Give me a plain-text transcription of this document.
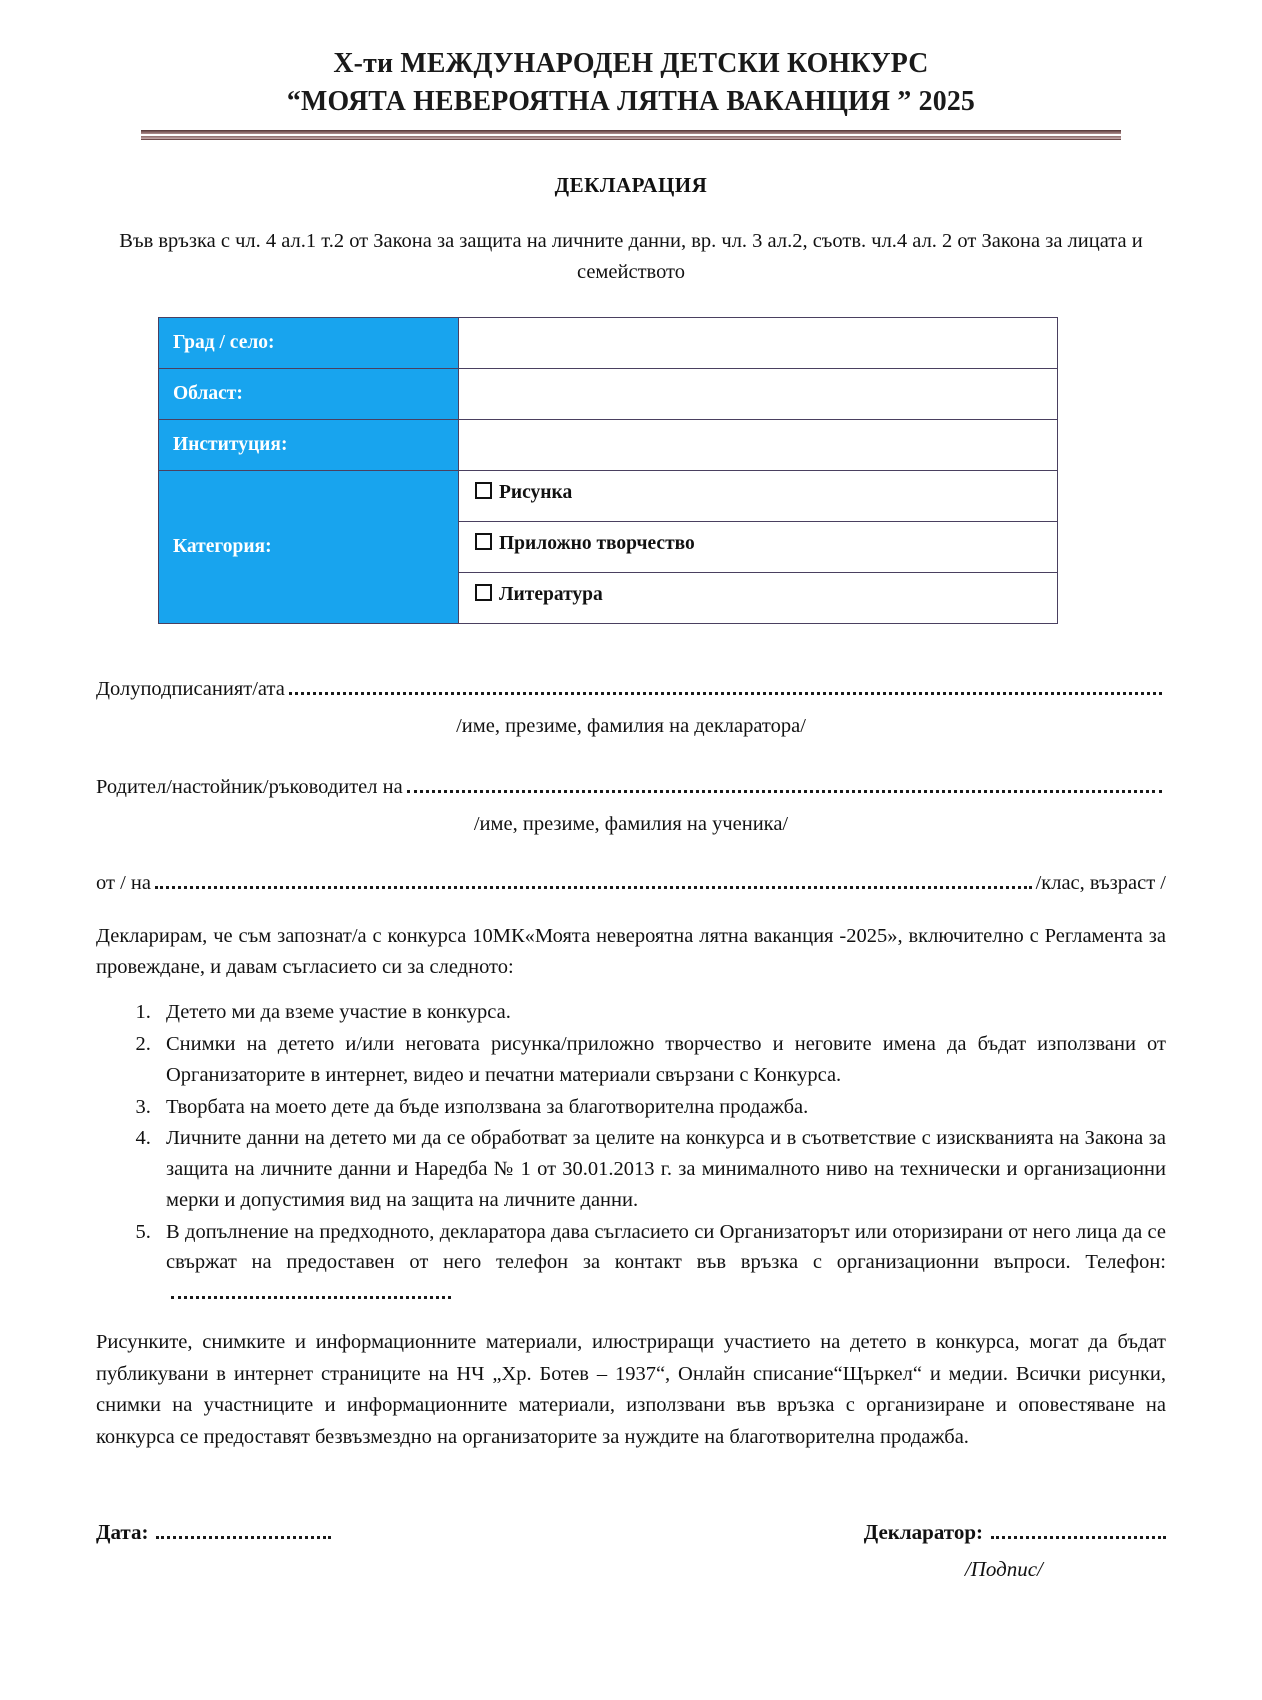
X-ти МЕЖДУНАРОДЕН ДЕТСКИ КОНКУРС
“МОЯТА НЕВЕРОЯТНА ЛЯТНА ВАКАНЦИЯ ” 2025
ДЕКЛАРАЦИЯ
Във връзка с чл. 4 ал.1 т.2 от Закона за защита на личните данни, вр. чл. 3 ал.2, съотв. чл.4 ал. 2 от Закона за лицата и семейството
Град / село:	
Област:	
Институция:	
Категория:	Рисунка

	Приложно творчество

	Литература
Долуподписаният/ата
/име, презиме, фамилия на декларатора/
Родител/настойник/ръководител на
/име, презиме, фамилия на ученика/
от / на	/клас, възраст /
Декларирам, че съм запознат/а с конкурса 10МК«Моята невероятна лятна ваканция -2025», включително с Регламента за провеждане, и давам съгласието си за следното:
1. Детето ми да вземе участие в конкурса.
2. Снимки на детето и/или неговата рисунка/приложно творчество и неговите имена да бъдат използвани от Организаторите в интернет, видео и печатни материали свързани с Конкурса.
3. Творбата на моето дете да бъде използвана за благотворителна продажба.
4. Личните данни на детето ми да се обработват за целите на конкурса и в съответствие с изискванията на Закона за защита на личните данни и Наредба № 1 от 30.01.2013 г. за минималното ниво на технически и организационни мерки и допустимия вид на защита на личните данни.
5. В допълнение на предходното, декларатора дава съгласието си Организаторът или оторизирани от него лица да се свържат на предоставен от него телефон за контакт във връзка с организационни въпроси. Телефон:
Рисунките, снимките и информационните материали, илюстриращи участието на детето в конкурса, могат да бъдат публикувани в интернет страниците на НЧ „Хр. Ботев – 1937“, Онлайн списание“Щъркел“ и медии. Всички рисунки, снимки на участниците и информационните материали, използвани във връзка с организиране и оповестяване на конкурса се предоставят безвъзмездно на организаторите за нуждите на благотворителна продажба.
Дата:	Декларатор:
/Подпис/
